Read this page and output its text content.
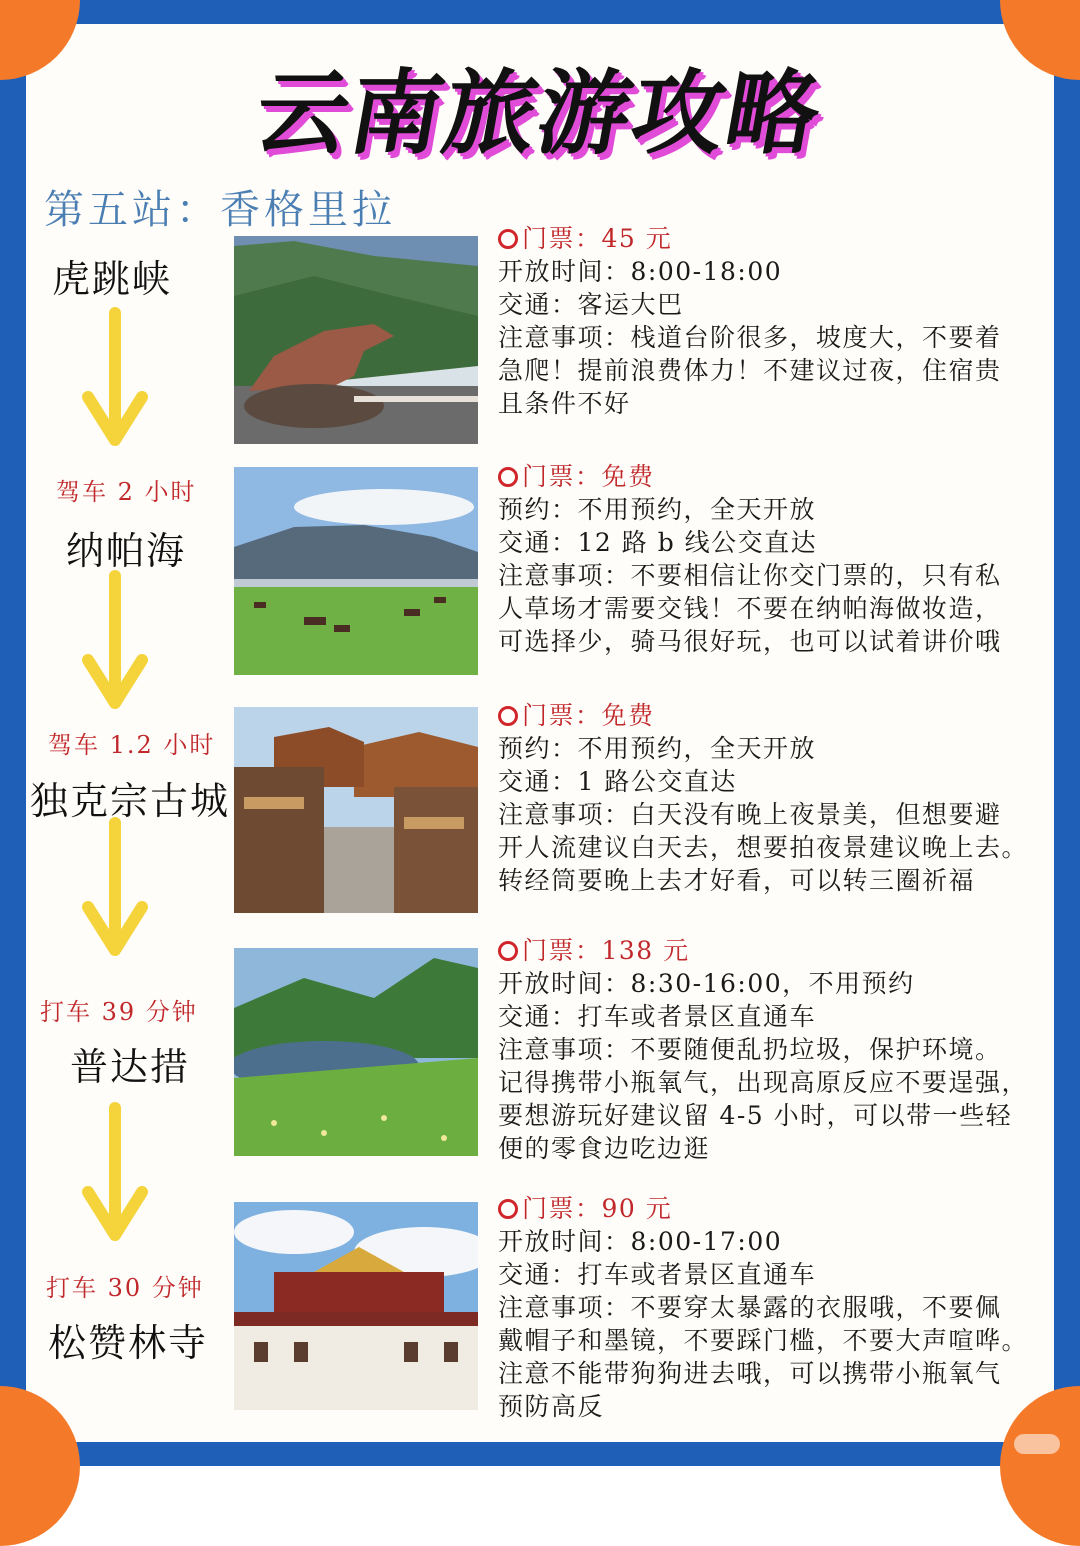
云南旅游攻略
第五站：香格里拉
虎跳峡
驾车 2 小时
纳帕海
驾车 1.2 小时
独克宗古城
打车 39 分钟
普达措
打车 30 分钟
松赞林寺

门票：45 元

开放时间：8:00-18:00

交通：客运大巴

注意事项：栈道台阶很多，坡度大，不要着

急爬！提前浪费体力！不建议过夜，住宿贵

且条件不好

门票：免费

预约：不用预约，全天开放

交通：12 路 b 线公交直达

注意事项：不要相信让你交门票的，只有私

人草场才需要交钱！不要在纳帕海做妆造，

可选择少，骑马很好玩，也可以试着讲价哦

门票：免费

预约：不用预约，全天开放

交通：1 路公交直达

注意事项：白天没有晚上夜景美，但想要避

开人流建议白天去，想要拍夜景建议晚上去。

转经筒要晚上去才好看，可以转三圈祈福

门票：138 元

开放时间：8:30-16:00，不用预约

交通：打车或者景区直通车

注意事项：不要随便乱扔垃圾，保护环境。

记得携带小瓶氧气，出现高原反应不要逞强，

要想游玩好建议留 4-5 小时，可以带一些轻

便的零食边吃边逛

门票：90 元

开放时间：8:00-17:00

交通：打车或者景区直通车

注意事项：不要穿太暴露的衣服哦，不要佩

戴帽子和墨镜，不要踩门槛，不要大声喧哗。

注意不能带狗狗进去哦，可以携带小瓶氧气

预防高反
